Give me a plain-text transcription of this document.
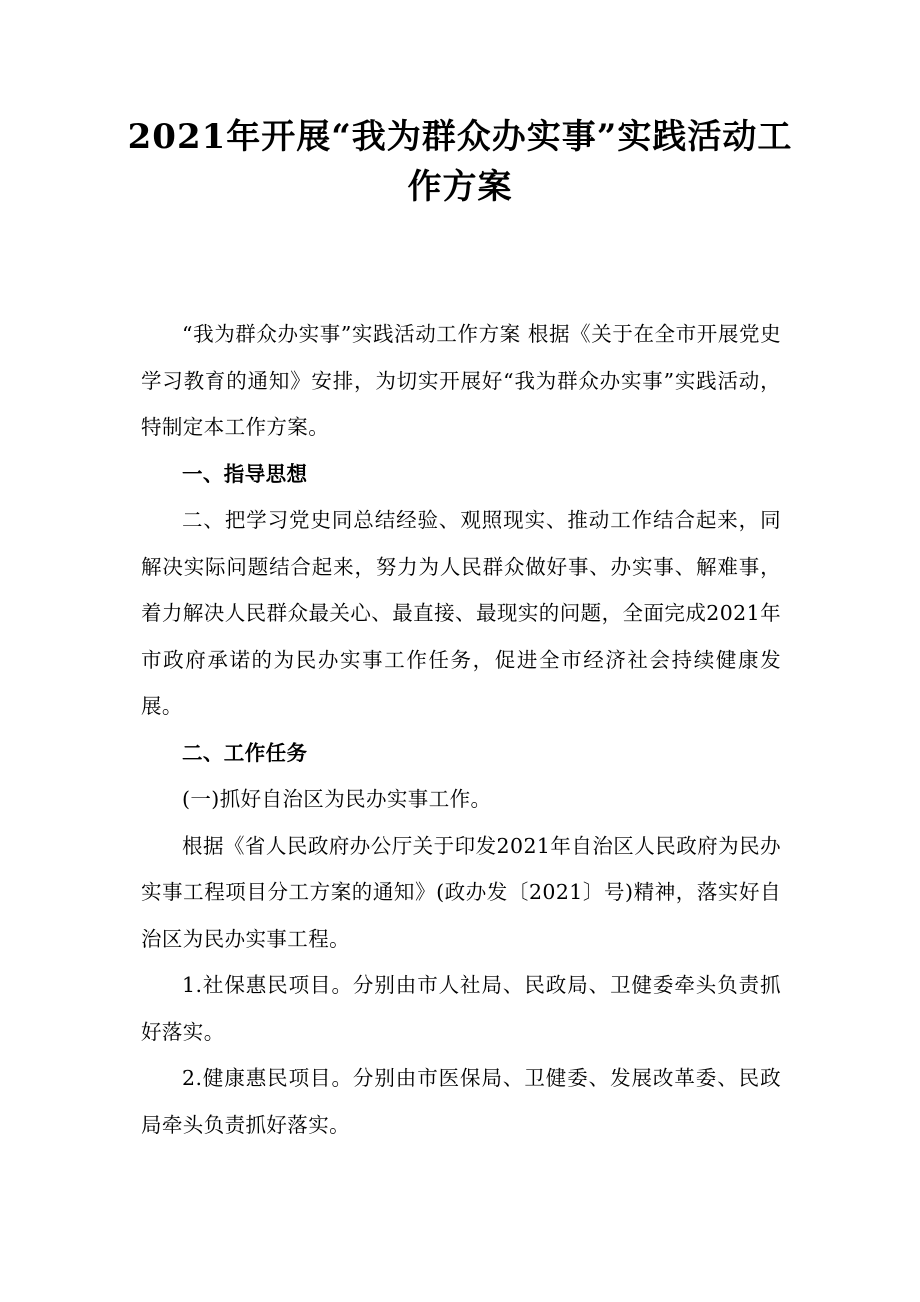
2021年开展“我为群众办实事”实践活动工作方案

“我为群众办实事”实践活动工作方案 根据《关于在全市开展党史学习教育的通知》安排，为切实开展好“我为群众办实事”实践活动，特制定本工作方案。

一、指导思想

二、把学习党史同总结经验、观照现实、推动工作结合起来，同解决实际问题结合起来，努力为人民群众做好事、办实事、解难事，着力解决人民群众最关心、最直接、最现实的问题，全面完成2021年市政府承诺的为民办实事工作任务，促进全市经济社会持续健康发展。

二、工作任务

(一)抓好自治区为民办实事工作。

根据《省人民政府办公厅关于印发2021年自治区人民政府为民办实事工程项目分工方案的通知》(政办发〔2021〕号)精神，落实好自治区为民办实事工程。

1.社保惠民项目。分别由市人社局、民政局、卫健委牵头负责抓好落实。

2.健康惠民项目。分别由市医保局、卫健委、发展改革委、民政局牵头负责抓好落实。
